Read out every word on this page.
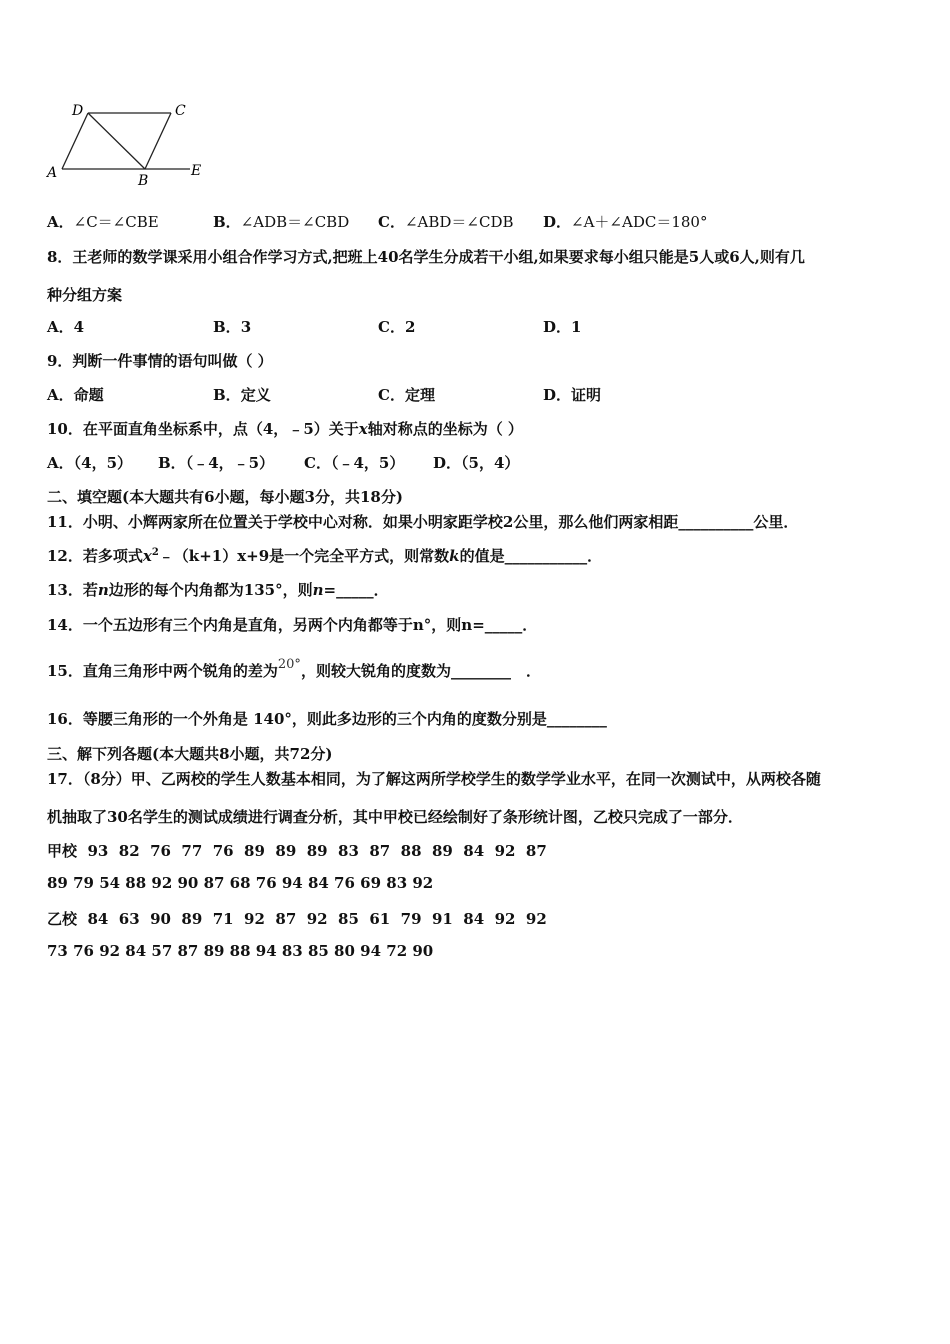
D	C
A	B
E
A．∠C＝∠CBE	B．∠ADB＝∠CBD C．∠ABD＝∠CDB D．∠A＋∠ADC＝180°
8．王老师的数学课采用小组合作学习方式,把班上40名学生分成若干小组,如果要求每小组只能是5人或6人,则有几
种分组方案
A．4	B．3	C．2	D．1
9．判断一件事情的语句叫做（ ）
A．命题	B．定义	C．定理	D．证明
10．在平面直角坐标系中，点（4，﹣5）关于x轴对称点的坐标为（ ）
A．（4，5） B．（﹣4，﹣5） C．（﹣4，5） D．（5，4）
二、填空题(本大题共有6小题，每小题3分，共18分)
11．小明、小辉两家所在位置关于学校中心对称．如果小明家距学校2公里，那么他们两家相距__________公里．
12．若多项式$x^2﹣(k+1)x+9$是一个完全平方式，则常数k的值是___________．
13．若n边形的每个内角都为135°，则n=_____．
14．一个五边形有三个内角是直角，另两个内角都等于n°，则n=_____．
15．直角三角形中两个锐角的差为20°，则较大锐角的度数为________　．
16．等腰三角形的一个外角是 140°，则此多边形的三个内角的度数分别是________
三、解下列各题(本大题共8小题，共72分)
17．（8分）甲、乙两校的学生人数基本相同，为了解这两所学校学生的数学学业水平，在同一次测试中，从两校各随
机抽取了30名学生的测试成绩进行调查分析，其中甲校已经绘制好了条形统计图，乙校只完成了一部分．
甲校 93  82  76  77  76  89  89  89  83  87  88  89  84  92  87
89 79 54 88 92 90 87 68 76 94 84 76 69 83 92
乙校 84  63  90  89  71  92  87  92  85  61  79  91  84  92  92
73 76 92 84 57 87 89 88 94 83 85 80 94 72 90
